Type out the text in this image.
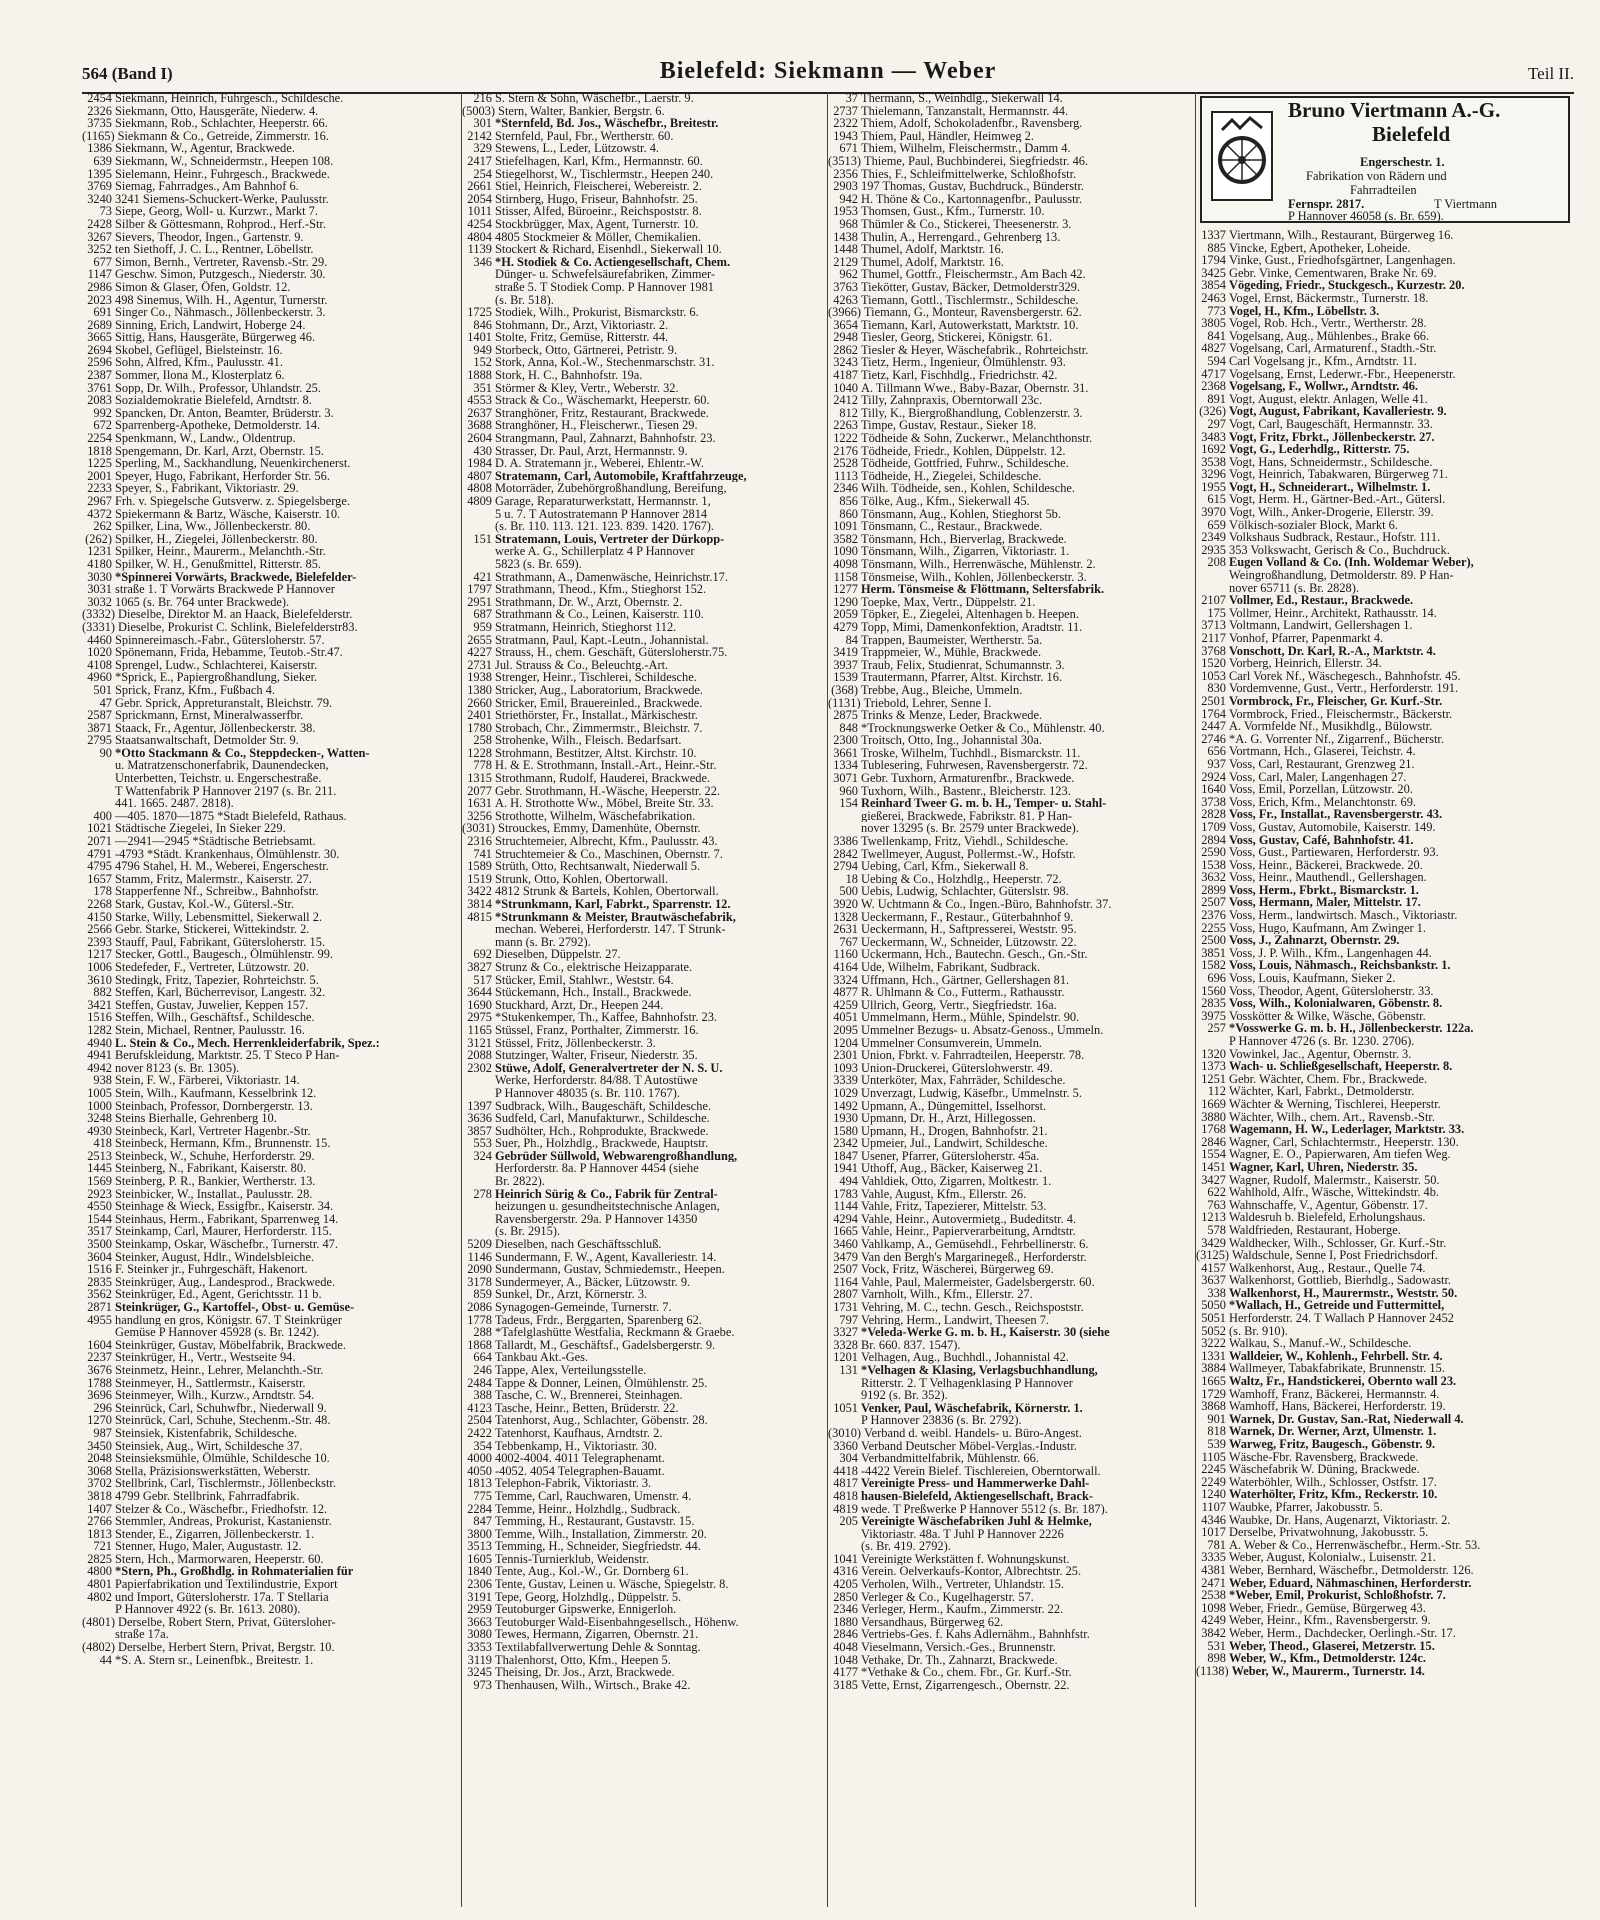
564 (Band I)	Bielefeld: Siekmann — Weber	Teil II.
2454 Siekmann, Heinrich, Fuhrgesch., Schildesche.
2326 Siekmann, Otto, Hausgeräte, Niederw. 4.
3735 Siekmann, Rob., Schlachter, Heeperstr. 66.
(1165) Siekmann & Co., Getreide, Zimmerstr. 16.
1386 Siekmann, W., Agentur, Brackwede.
639 Siekmann, W., Schneidermstr., Heepen 108.
1395 Sielemann, Heinr., Fuhrgesch., Brackwede.
3769 Siemag, Fahrradges., Am Bahnhof 6.
3240 3241 Siemens-Schuckert-Werke, Paulusstr.
73 Siepe, Georg, Woll- u. Kurzwr., Markt 7.
2428 Silber & Göttesmann, Rohprod., Herf.-Str.
3267 Sievers, Theodor, Ingen., Gartenstr. 9.
3252 ten Siethoff, J. C. L., Rentner, Löbellstr.
677 Simon, Bernh., Vertreter, Ravensb.-Str. 29.
1147 Geschw. Simon, Putzgesch., Niederstr. 30.
2986 Simon & Glaser, Öfen, Goldstr. 12.
2023 498 Sinemus, Wilh. H., Agentur, Turnerstr.
691 Singer Co., Nähmasch., Jöllenbeckerstr. 3.
2689 Sinning, Erich, Landwirt, Hoberge 24.
3665 Sittig, Hans, Hausgeräte, Bürgerweg 46.
2694 Skobel, Geflügel, Bielsteinstr. 16.
2596 Sohn, Alfred, Kfm., Paulusstr. 41.
2387 Sommer, Ilona M., Klosterplatz 6.
3761 Sopp, Dr. Wilh., Professor, Uhlandstr. 25.
2083 Sozialdemokratie Bielefeld, Arndtstr. 8.
992 Spancken, Dr. Anton, Beamter, Brüderstr. 3.
672 Sparrenberg-Apotheke, Detmolderstr. 14.
2254 Spenkmann, W., Landw., Oldentrup.
1818 Spengemann, Dr. Karl, Arzt, Obernstr. 15.
1225 Sperling, M., Sackhandlung, Neuenkirchenerst.
2001 Speyer, Hugo, Fabrikant, Herforder Str. 56.
2233 Speyer, S., Fabrikant, Viktoriastr. 29.
2967 Frh. v. Spiegelsche Gutsverw. z. Spiegelsberge.
4372 Spiekermann & Bartz, Wäsche, Kaiserstr. 10.
262 Spilker, Lina, Ww., Jöllenbeckerstr. 80.
(262) Spilker, H., Ziegelei, Jöllenbeckerstr. 80.
1231 Spilker, Heinr., Maurerm., Melanchth.-Str.
4180 Spilker, W. H., Genußmittel, Ritterstr. 85.
3030 *Spinnerei Vorwärts, Brackwede, Bielefelder-
3031 straße 1. T Vorwärts Brackwede P Hannover
3032 1065 (s. Br. 764 unter Brackwede).
(3332) Dieselbe, Direktor M. an Haack, Bielefelderstr.
(3331) Dieselbe, Prokurist C. Schlink, Bielefelderstr83.
4460 Spinnereimasch.-Fabr., Gütersloherstr. 57.
1020 Spönemann, Frida, Hebamme, Teutob.-Str.47.
4108 Sprengel, Ludw., Schlachterei, Kaiserstr.
4960 *Sprick, E., Papiergroßhandlung, Sieker.
501 Sprick, Franz, Kfm., Fußbach 4.
47 Gebr. Sprick, Appreturanstalt, Bleichstr. 79.
2587 Sprickmann, Ernst, Mineralwasserfbr.
3871 Staack, Fr., Agentur, Jöllenbeckerstr. 38.
2795 Staatsanwaltschaft, Detmolder Str. 9.
90 *Otto Stackmann & Co., Steppdecken-, Watten-
u. Matratzenschonerfabrik, Daunendecken,
Unterbetten, Teichstr. u. Engerschestraße.
T Wattenfabrik P Hannover 2197 (s. Br. 211.
441. 1665. 2487. 2818).
400 —405. 1870—1875 *Stadt Bielefeld, Rathaus.
1021 Städtische Ziegelei, In Sieker 229.
2071 —2941—2945 *Städtische Betriebsamt.
4791 -4793 *Städt. Krankenhaus, Ölmühlenstr. 30.
4795 4796 Stahel, H. M., Weberei, Engerschestr.
1657 Stamm, Fritz, Malermstr., Kaiserstr. 27.
178 Stapperfenne Nf., Schreibw., Bahnhofstr.
2268 Stark, Gustav, Kol.-W., Gütersl.-Str.
4150 Starke, Willy, Lebensmittel, Siekerwall 2.
2566 Gebr. Starke, Stickerei, Wittekindstr. 2.
2393 Stauff, Paul, Fabrikant, Gütersloherstr. 15.
1217 Stecker, Gottl., Baugesch., Ölmühlenstr. 99.
1006 Stedefeder, F., Vertreter, Lützowstr. 20.
3610 Stedingk, Fritz, Tapezier, Rohrteichstr. 5.
882 Steffen, Karl, Bücherrevisor, Langestr. 32.
3421 Steffen, Gustav, Juwelier, Keppen 157.
1516 Steffen, Wilh., Geschäftsf., Schildesche.
1282 Stein, Michael, Rentner, Paulusstr. 16.
4940 L. Stein & Co., Mech. Herrenkleiderfabrik, Spez.:
4941 Berufskleidung, Marktstr. 25. T Steco P Han-
4942 nover 8123 (s. Br. 1305).
938 Stein, F. W., Färberei, Viktoriastr. 14.
1005 Stein, Wilh., Kaufmann, Kesselbrink 12.
1000 Steinbach, Professor, Dornbergerstr. 13.
3248 Steins Bierhalle, Gehrenberg 10.
4930 Steinbeck, Karl, Vertreter Hagenbr.-Str.
418 Steinbeck, Hermann, Kfm., Brunnenstr. 15.
2513 Steinbeck, W., Schuhe, Herforderstr. 29.
1445 Steinberg, N., Fabrikant, Kaiserstr. 80.
1569 Steinberg, P. R., Bankier, Wertherstr. 13.
2923 Steinbicker, W., Installat., Paulusstr. 28.
4550 Steinhage & Wieck, Essigfbr., Kaiserstr. 34.
1544 Steinhaus, Herm., Fabrikant, Sparrenweg 14.
3517 Steinkamp, Carl, Maurer, Herforderstr. 115.
3500 Steinkamp, Oskar, Wäschefbr., Turnerstr. 47.
3604 Steinker, August, Hdlr., Windelsbleiche.
1516 F. Steinker jr., Fuhrgeschäft, Hakenort.
2835 Steinkrüger, Aug., Landesprod., Brackwede.
3562 Steinkrüger, Ed., Agent, Gerichtsstr. 11 b.
2871 Steinkrüger, G., Kartoffel-, Obst- u. Gemüse-
4955 handlung en gros, Königstr. 67. T Steinkrüger
Gemüse P Hannover 45928 (s. Br. 1242).
1604 Steinkrüger, Gustav, Möbelfabrik, Brackwede.
2237 Steinkrüger, H., Vertr., Westseite 94.
3676 Steinmetz, Heinr., Lehrer, Melanchth.-Str.
1788 Steinmeyer, H., Sattlermstr., Kaiserstr.
3696 Steinmeyer, Wilh., Kurzw., Arndtstr. 54.
296 Steinrück, Carl, Schuhwfbr., Niederwall 9.
1270 Steinrück, Carl, Schuhe, Stechenm.-Str. 48.
987 Steinsiek, Kistenfabrik, Schildesche.
3450 Steinsiek, Aug., Wirt, Schildesche 37.
2048 Steinsieksmühle, Ölmühle, Schildesche 10.
3068 Stella, Präzisionswerkstätten, Weberstr.
3702 Stellbrink, Carl, Tischlermstr., Jöllenbeckstr.
3818 4799 Gebr. Stellbrink, Fahrradfabrik.
1407 Stelzer & Co., Wäschefbr., Friedhofstr. 12.
2766 Stemmler, Andreas, Prokurist, Kastanienstr.
1813 Stender, E., Zigarren, Jöllenbeckerstr. 1.
721 Stenner, Hugo, Maler, Augustastr. 12.
2825 Stern, Hch., Marmorwaren, Heeperstr. 60.
4800 *Stern, Ph., Großhdlg. in Rohmaterialien für
4801 Papierfabrikation und Textilindustrie, Export
4802 und Import, Gütersloherstr. 17a. T Stellaria
P Hannover 4922 (s. Br. 1613. 2080).
(4801) Derselbe, Robert Stern, Privat, Gütersloher-
straße 17a.
(4802) Derselbe, Herbert Stern, Privat, Bergstr. 10.
44 *S. A. Stern sr., Leinenfbk., Breitestr. 1.
216 S. Stern & Sohn, Wäschefbr., Laerstr. 9.
(5003) Stern, Walter, Bankier, Bergstr. 6.
301 *Sternfeld, Bd. Jos., Wäschefbr., Breitestr.
2142 Sternfeld, Paul, Fbr., Wertherstr. 60.
329 Stewens, L., Leder, Lützowstr. 4.
2417 Stiefelhagen, Karl, Kfm., Hermannstr. 60.
254 Stiegelhorst, W., Tischlermstr., Heepen 240.
2661 Stiel, Heinrich, Fleischerei, Webereistr. 2.
2054 Stirnberg, Hugo, Friseur, Bahnhofstr. 25.
1011 Stisser, Alfed, Büroeinr., Reichspoststr. 8.
4254 Stockbrügger, Max, Agent, Turnerstr. 10.
4804 4805 Stockmeier & Möller, Chemikalien.
1139 Stockert & Richard, Eisenhdl., Siekerwall 10.
346 *H. Stodiek & Co. Actiengesellschaft, Chem.
Dünger- u. Schwefelsäurefabriken, Zimmer-
straße 5. T Stodiek Comp. P Hannover 1981
(s. Br. 518).
1725 Stodiek, Wilh., Prokurist, Bismarckstr. 6.
846 Stohmann, Dr., Arzt, Viktoriastr. 2.
1401 Stolte, Fritz, Gemüse, Ritterstr. 44.
949 Storbeck, Otto, Gärtnerei, Petristr. 9.
152 Stork, Anna, Kol.-W., Stechenmarschstr. 31.
1888 Stork, H. C., Bahnhofstr. 19a.
351 Störmer & Kley, Vertr., Weberstr. 32.
4553 Strack & Co., Wäschemarkt, Heeperstr. 60.
2637 Stranghöner, Fritz, Restaurant, Brackwede.
3688 Stranghöner, H., Fleischerwr., Tiesen 29.
2604 Strangmann, Paul, Zahnarzt, Bahnhofstr. 23.
430 Strasser, Dr. Paul, Arzt, Hermannstr. 9.
1984 D. A. Stratemann jr., Weberei, Ehlentr.-W.
4807 Stratemann, Carl, Automobile, Kraftfahrzeuge,
4808 Motorräder, Zubehörgroßhandlung, Bereifung,
4809 Garage, Reparaturwerkstatt, Hermannstr. 1,
5 u. 7. T Autostratemann P Hannover 2814
(s. Br. 110. 113. 121. 123. 839. 1420. 1767).
151 Stratemann, Louis, Vertreter der Dürkopp-
werke A. G., Schillerplatz 4 P Hannover
5823 (s. Br. 659).
421 Strathmann, A., Damenwäsche, Heinrichstr.17.
1797 Strathmann, Theod., Kfm., Stieghorst 152.
2951 Strathmann, Dr. W., Arzt, Obernstr. 2.
687 Strathmann & Co., Leinen, Kaiserstr. 110.
959 Stratmann, Heinrich, Stieghorst 112.
2655 Stratmann, Paul, Kapt.-Leutn., Johannistal.
4227 Strauss, H., chem. Geschäft, Gütersloherstr.75.
2731 Jul. Strauss & Co., Beleuchtg.-Art.
1938 Strenger, Heinr., Tischlerei, Schildesche.
1380 Stricker, Aug., Laboratorium, Brackwede.
2660 Stricker, Emil, Brauereinled., Brackwede.
2401 Striethörster, Fr., Installat., Märkischestr.
1780 Strobach, Chr., Zimmermstr., Bleichstr. 7.
258 Strohenke, Wilh., Fleisch. Bedarfsart.
1228 Strohmann, Bestitzer, Altst. Kirchstr. 10.
778 H. & E. Strothmann, Install.-Art., Heinr.-Str.
1315 Strothmann, Rudolf, Hauderei, Brackwede.
2077 Gebr. Strothmann, H.-Wäsche, Heeperstr. 22.
1631 A. H. Strothotte Ww., Möbel, Breite Str. 33.
3256 Strothotte, Wilhelm, Wäschefabrikation.
(3031) Strouckes, Emmy, Damenhüte, Obernstr.
2316 Struchtemeier, Albrecht, Kfm., Paulusstr. 43.
741 Struchtemeier & Co., Maschinen, Obernstr. 7.
1589 Strüth, Otto, Rechtsanwalt, Niederwall 5.
1519 Strunk, Otto, Kohlen, Obertorwall.
3422 4812 Strunk & Bartels, Kohlen, Obertorwall.
3814 *Strunkmann, Karl, Fabrkt., Sparrenstr. 12.
4815 *Strunkmann & Meister, Brautwäschefabrik,
mechan. Weberei, Herforderstr. 147. T Strunk-
mann (s. Br. 2792).
692 Dieselben, Düppelstr. 27.
3827 Strunz & Co., elektrische Heizapparate.
517 Stücker, Emil, Stahlwr., Weststr. 64.
3644 Stückemann, Hch., Install., Brackwede.
1690 Stuckhard, Arzt, Dr., Heepen 244.
2975 *Stukenkemper, Th., Kaffee, Bahnhofstr. 23.
1165 Stüssel, Franz, Porthalter, Zimmerstr. 16.
3121 Stüssel, Fritz, Jöllenbeckerstr. 3.
2088 Stutzinger, Walter, Friseur, Niederstr. 35.
2302 Stüwe, Adolf, Generalvertreter der N. S. U.
Werke, Herforderstr. 84/88. T Autostüwe
P Hannover 48035 (s. Br. 110. 1767).
1397 Sudbrack, Wilh., Baugeschäft, Schildesche.
3636 Sudfeld, Carl, Manufakturwr., Schildesche.
3857 Sudhölter, Hch., Rohprodukte, Brackwede.
553 Suer, Ph., Holzhdlg., Brackwede, Hauptstr.
324 Gebrüder Süllwold, Webwarengroßhandlung,
Herforderstr. 8a. P Hannover 4454 (siehe
Br. 2822).
278 Heinrich Sürig & Co., Fabrik für Zentral-
heizungen u. gesundheitstechnische Anlagen,
Ravensbergerstr. 29a. P Hannover 14350
(s. Br. 2915).
5209 Dieselben, nach Geschäftsschluß.
1146 Sundermann, F. W., Agent, Kavalleriestr. 14.
2090 Sundermann, Gustav, Schmiedemstr., Heepen.
3178 Sundermeyer, A., Bäcker, Lützowstr. 9.
859 Sunkel, Dr., Arzt, Körnerstr. 3.
2086 Synagogen-Gemeinde, Turnerstr. 7.
1778 Tadeus, Frdr., Berggarten, Sparenberg 62.
288 *Tafelglashütte Westfalia, Reckmann & Graebe.
1868 Tallardt, M., Geschäftsf., Gadelsbergerstr. 9.
664 Tankbau Akt.-Ges.
246 Tappe, Alex, Verteilungsstelle.
2484 Tappe & Donner, Leinen, Ölmühlenstr. 25.
388 Tasche, C. W., Brennerei, Steinhagen.
4123 Tasche, Heinr., Betten, Brüderstr. 22.
2504 Tatenhorst, Aug., Schlachter, Göbenstr. 28.
2422 Tatenhorst, Kaufhaus, Arndtstr. 2.
354 Tebbenkamp, H., Viktoriastr. 30.
4000 4002-4004. 4011 Telegraphenamt.
4050 -4052. 4054 Telegraphen-Bauamt.
1813 Telephon-Fabrik, Viktoriastr. 3.
775 Temme, Carl, Rauchwaren, Umenstr. 4.
2284 Temme, Heinr., Holzhdlg., Sudbrack.
847 Temming, H., Restaurant, Gustavstr. 15.
3800 Temme, Wilh., Installation, Zimmerstr. 20.
3513 Temming, H., Schneider, Siegfriedstr. 44.
1605 Tennis-Turnierklub, Weidenstr.
1840 Tente, Aug., Kol.-W., Gr. Dornberg 61.
2306 Tente, Gustav, Leinen u. Wäsche, Spiegelstr. 8.
3191 Tepe, Georg, Holzhdlg., Düppelstr. 5.
2959 Teutoburger Gipswerke, Ennigerloh.
3663 Teutoburger Wald-Eisenbahngesellsch., Höhenw.
3080 Tewes, Hermann, Zigarren, Obernstr. 21.
3353 Textilabfallverwertung Dehle & Sonntag.
3119 Thalenhorst, Otto, Kfm., Heepen 5.
3245 Theising, Dr. Jos., Arzt, Brackwede.
973 Thenhausen, Wilh., Wirtsch., Brake 42.
37 Thermann, S., Weinhdlg., Siekerwall 14.
2737 Thielemann, Tanzanstalt, Hermannstr. 44.
2322 Thiem, Adolf, Schokoladenfbr., Ravensberg.
1943 Thiem, Paul, Händler, Heimweg 2.
671 Thiem, Wilhelm, Fleischermstr., Damm 4.
(3513) Thieme, Paul, Buchbinderei, Siegfriedstr. 46.
2356 Thies, F., Schleifmittelwerke, Schloßhofstr.
2903 197 Thomas, Gustav, Buchdruck., Bünderstr.
942 H. Thöne & Co., Kartonnagenfbr., Paulusstr.
1953 Thomsen, Gust., Kfm., Turnerstr. 10.
968 Thümler & Co., Stickerei, Theesenerstr. 3.
1438 Thulin, A., Herrengard., Gehrenberg 13.
1448 Thumel, Adolf, Marktstr. 16.
2129 Thumel, Adolf, Marktstr. 16.
962 Thumel, Gottfr., Fleischermstr., Am Bach 42.
3763 Tiekötter, Gustav, Bäcker, Detmolderstr329.
4263 Tiemann, Gottl., Tischlermstr., Schildesche.
(3966) Tiemann, G., Monteur, Ravensbergerstr. 62.
3654 Tiemann, Karl, Autowerkstatt, Marktstr. 10.
2948 Tiesler, Georg, Stickerei, Königstr. 61.
2862 Tiesler & Heyer, Wäschefabrik., Rohrteichstr.
3243 Tietz, Herm., Ingenieur, Ölmühlenstr. 93.
4187 Tietz, Karl, Fischhdlg., Friedrichstr. 42.
1040 A. Tillmann Wwe., Baby-Bazar, Obernstr. 31.
2412 Tilly, Zahnpraxis, Oberntorwall 23c.
812 Tilly, K., Biergroßhandlung, Coblenzerstr. 3.
2263 Timpe, Gustav, Restaur., Sieker 18.
1222 Tödheide & Sohn, Zuckerwr., Melanchthonstr.
2176 Tödheide, Friedr., Kohlen, Düppelstr. 12.
2528 Tödheide, Gottfried, Fuhrw., Schildesche.
1113 Tödheide, H., Ziegelei, Schildesche.
2346 Wilh. Tödheide, sen., Kohlen, Schildesche.
856 Tölke, Aug., Kfm., Siekerwall 45.
860 Tönsmann, Aug., Kohlen, Stieghorst 5b.
1091 Tönsmann, C., Restaur., Brackwede.
3582 Tönsmann, Hch., Bierverlag, Brackwede.
1090 Tönsmann, Wilh., Zigarren, Viktoriastr. 1.
4098 Tönsmann, Wilh., Herrenwäsche, Mühlenstr. 2.
1158 Tönsmeise, Wilh., Kohlen, Jöllenbeckerstr. 3.
1277 Herm. Tönsmeise & Flöttmann, Seltersfabrik.
1290 Toepke, Max, Vertr., Düppelstr. 21.
2059 Töpker, E., Ziegelei, Altenhagen b. Heepen.
4279 Topp, Mimi, Damenkonfektion, Aradtstr. 11.
84 Trappen, Baumeister, Wertherstr. 5a.
3419 Trappmeier, W., Mühle, Brackwede.
3937 Traub, Felix, Studienrat, Schumannstr. 3.
1539 Trautermann, Pfarrer, Altst. Kirchstr. 16.
(368) Trebbe, Aug., Bleiche, Ummeln.
(1131) Triebold, Lehrer, Senne I.
2875 Trinks & Menze, Leder, Brackwede.
848 *Trocknungswerke Oetker & Co., Mühlenstr. 40.
2300 Troitsch, Otto, Ing., Johannistal 30a.
3661 Troske, Wilhelm, Tuchhdl., Bismarckstr. 11.
1334 Tublesering, Fuhrwesen, Ravensbergerstr. 72.
3071 Gebr. Tuxhorn, Armaturenfbr., Brackwede.
960 Tuxhorn, Wilh., Bastenr., Bleicherstr. 123.
154 Reinhard Tweer G. m. b. H., Temper- u. Stahl-
gießerei, Brackwede, Fabrikstr. 81. P Han-
nover 13295 (s. Br. 2579 unter Brackwede).
3386 Twellenkamp, Fritz, Viehdl., Schildesche.
2842 Twellmeyer, August, Pollermst.-W., Hofstr.
2794 Uebing, Carl, Kfm., Siekerwall 8.
18 Uebing & Co., Holzhdlg., Heeperstr. 72.
500 Uebis, Ludwig, Schlachter, Güterslstr. 98.
3920 W. Uchtmann & Co., Ingen.-Büro, Bahnhofstr. 37.
1328 Ueckermann, F., Restaur., Güterbahnhof 9.
2631 Ueckermann, H., Saftpresserei, Weststr. 95.
767 Ueckermann, W., Schneider, Lützowstr. 22.
1160 Uckermann, Hch., Bautechn. Gesch., Gn.-Str.
4164 Ude, Wilhelm, Fabrikant, Sudbrack.
3324 Uffmann, Hch., Gärtner, Gellershagen 81.
4877 R. Uhlmann & Co., Futterm., Rathausstr.
4259 Ullrich, Georg, Vertr., Siegfriedstr. 16a.
4051 Ummelmann, Herm., Mühle, Spindelstr. 90.
2095 Ummelner Bezugs- u. Absatz-Genoss., Ummeln.
1204 Ummelner Consumverein, Ummeln.
2301 Union, Fbrkt. v. Fahrradteilen, Heeperstr. 78.
1093 Union-Druckerei, Güterslohwerstr. 49.
3339 Unterköter, Max, Fahrräder, Schildesche.
1029 Unverzagt, Ludwig, Käsefbr., Ummelnstr. 5.
1492 Upmann, A., Düngemittel, Isselhorst.
1930 Upmann, Dr. H., Arzt, Hillegossen.
1580 Upmann, H., Drogen, Bahnhofstr. 21.
2342 Upmeier, Jul., Landwirt, Schildesche.
1847 Usener, Pfarrer, Gütersloherstr. 45a.
1941 Uthoff, Aug., Bäcker, Kaiserweg 21.
494 Vahldiek, Otto, Zigarren, Moltkestr. 1.
1783 Vahle, August, Kfm., Ellerstr. 26.
1144 Vahle, Fritz, Tapezierer, Mittelstr. 53.
4294 Vahle, Heinr., Autovermietg., Budeditstr. 4.
1665 Vahle, Heinr., Papierverarbeitung, Arndtstr.
3460 Vahlkamp, A., Gemüsehdl., Fehrbellinerstr. 6.
3479 Van den Bergh's Margarinegeß., Herforderstr.
2507 Vock, Fritz, Wäscherei, Bürgerweg 69.
1164 Vahle, Paul, Malermeister, Gadelsbergerstr. 60.
2807 Varnholt, Wilh., Kfm., Ellerstr. 27.
1731 Vehring, M. C., techn. Gesch., Reichspoststr.
797 Vehring, Herm., Landwirt, Theesen 7.
3327 *Veleda-Werke G. m. b. H., Kaiserstr. 30 (siehe
3328 Br. 660. 837. 1547).
1201 Velhagen, Aug., Buchhdl., Johannistal 42.
131 *Velhagen & Klasing, Verlagsbuchhandlung,
Ritterstr. 2. T Velhagenklasing P Hannover
9192 (s. Br. 352).
1051 Venker, Paul, Wäschefabrik, Körnerstr. 1.
P Hannover 23836 (s. Br. 2792).
(3010) Verband d. weibl. Handels- u. Büro-Angest.
3360 Verband Deutscher Möbel-Verglas.-Industr.
304 Verbandmittelfabrik, Mühlenstr. 66.
4418 -4422 Verein Bielef. Tischlereien, Oberntorwall.
4817 Vereinigte Press- und Hammerwerke Dahl-
4818 hausen-Bielefeld, Aktiengesellschaft, Brack-
4819 wede. T Preßwerke P Hannover 5512 (s. Br. 187).
205 Vereinigte Wäschefabriken Juhl & Helmke,
Viktoriastr. 48a. T Juhl P Hannover 2226
(s. Br. 419. 2792).
1041 Vereinigte Werkstätten f. Wohnungskunst.
4316 Verein. Oelverkaufs-Kontor, Albrechtstr. 25.
4205 Verholen, Wilh., Vertreter, Uhlandstr. 15.
2850 Verleger & Co., Kugelhagerstr. 57.
2346 Verleger, Herm., Kaufm., Zimmerstr. 22.
1880 Versandhaus, Bürgerweg 62.
2846 Vertriebs-Ges. f. Kahs Adlernähm., Bahnhfstr.
4048 Vieselmann, Versich.-Ges., Brunnenstr.
1048 Vethake, Dr. Th., Zahnarzt, Brackwede.
4177 *Vethake & Co., chem. Fbr., Gr. Kurf.-Str.
3185 Vette, Ernst, Zigarrengesch., Obernstr. 22.
Bruno Viertmann A.-G.
Bielefeld
Engerschestr. 1.
Fabrikation von Rädern und
Fahrradteilen
Fernspr. 2817.	T Viertmann
P Hannover 46058 (s. Br. 659).
1337 Viertmann, Wilh., Restaurant, Bürgerweg 16.
885 Vincke, Egbert, Apotheker, Loheide.
1794 Vinke, Gust., Friedhofsgärtner, Langenhagen.
3425 Gebr. Vinke, Cementwaren, Brake Nr. 69.
3854 Vögeding, Friedr., Stuckgesch., Kurzestr. 20.
2463 Vogel, Ernst, Bäckermstr., Turnerstr. 18.
773 Vogel, H., Kfm., Löbellstr. 3.
3805 Vogel, Rob. Hch., Vertr., Wertherstr. 28.
841 Vogelsang, Aug., Mühlenbes., Brake 66.
4827 Vogelsang, Carl, Armaturenf., Stadth.-Str.
594 Carl Vogelsang jr., Kfm., Arndtstr. 11.
4717 Vogelsang, Ernst, Lederwr.-Fbr., Heepenerstr.
2368 Vogelsang, F., Wollwr., Arndtstr. 46.
891 Vogt, August, elektr. Anlagen, Welle 41.
(326) Vogt, August, Fabrikant, Kavalleriestr. 9.
297 Vogt, Carl, Baugeschäft, Hermannstr. 33.
3483 Vogt, Fritz, Fbrkt., Jöllenbeckerstr. 27.
1692 Vogt, G., Lederhdlg., Ritterstr. 75.
3538 Vogt, Hans, Schneidermstr., Schildesche.
3296 Vogt, Heinrich, Tabakwaren, Bürgerweg 71.
1955 Vogt, H., Schneiderart., Wilhelmstr. 1.
615 Vogt, Herm. H., Gärtner-Bed.-Art., Gütersl.
3970 Vogt, Wilh., Anker-Drogerie, Ellerstr. 39.
659 Völkisch-sozialer Block, Markt 6.
2349 Volkshaus Sudbrack, Restaur., Hofstr. 111.
2935 353 Volkswacht, Gerisch & Co., Buchdruck.
208 Eugen Volland & Co. (Inh. Woldemar Weber),
Weingroßhandlung, Detmolderstr. 89. P Han-
nover 65711 (s. Br. 2828).
2107 Vollmer, Ed., Restaur., Brackwede.
175 Vollmer, Heinr., Architekt, Rathausstr. 14.
3713 Voltmann, Landwirt, Gellershagen 1.
2117 Vonhof, Pfarrer, Papenmarkt 4.
3768 Vonschott, Dr. Karl, R.-A., Marktstr. 4.
1520 Vorberg, Heinrich, Ellerstr. 34.
1053 Carl Vorek Nf., Wäschegesch., Bahnhofstr. 45.
830 Vordemvenne, Gust., Vertr., Herforderstr. 191.
2501 Vormbrock, Fr., Fleischer, Gr. Kurf.-Str.
1764 Vormbrock, Fried., Fleischermstr., Bäckerstr.
2447 A. Vormfelde Nf., Musikhdlg., Bülowstr.
2746 *A. G. Vorrenter Nf., Zigarrenf., Bücherstr.
656 Vortmann, Hch., Glaserei, Teichstr. 4.
937 Voss, Carl, Restaurant, Grenzweg 21.
2924 Voss, Carl, Maler, Langenhagen 27.
1640 Voss, Emil, Porzellan, Lützowstr. 20.
3738 Voss, Erich, Kfm., Melanchtonstr. 69.
2828 Voss, Fr., Installat., Ravensbergerstr. 43.
1709 Voss, Gustav, Automobile, Kaiserstr. 149.
2894 Voss, Gustav, Café, Bahnhofstr. 41.
2590 Voss, Gust., Partiewaren, Herforderstr. 93.
1538 Voss, Heinr., Bäckerei, Brackwede. 20.
3632 Voss, Heinr., Mauthendl., Gellershagen.
2899 Voss, Herm., Fbrkt., Bismarckstr. 1.
2507 Voss, Hermann, Maler, Mittelstr. 17.
2376 Voss, Herm., landwirtsch. Masch., Viktoriastr.
2255 Voss, Hugo, Kaufmann, Am Zwinger 1.
2500 Voss, J., Zahnarzt, Obernstr. 29.
3851 Voss, J. P. Wilh., Kfm., Langenhagen 44.
1582 Voss, Louis, Nähmasch., Reichsbankstr. 1.
696 Voss, Louis, Kaufmann, Sieker 2.
1560 Voss, Theodor, Agent, Gütersloherstr. 33.
2835 Voss, Wilh., Kolonialwaren, Göbenstr. 8.
3975 Vosskötter & Wilke, Wäsche, Göbenstr.
257 *Vosswerke G. m. b. H., Jöllenbeckerstr. 122a.
P Hannover 4726 (s. Br. 1230. 2706).
1320 Vowinkel, Jac., Agentur, Obernstr. 3.
1373 Wach- u. Schließgesellschaft, Heeperstr. 8.
1251 Gebr. Wächter, Chem. Fbr., Brackwede.
112 Wächter, Karl, Fabrkt., Detmolderstr.
1669 Wächter & Werning, Tischlerei, Heeperstr.
3880 Wächter, Wilh., chem. Art., Ravensb.-Str.
1768 Wagemann, H. W., Lederlager, Marktstr. 33.
2846 Wagner, Carl, Schlachtermstr., Heeperstr. 130.
1554 Wagner, E. O., Papierwaren, Am tiefen Weg.
1451 Wagner, Karl, Uhren, Niederstr. 35.
3427 Wagner, Rudolf, Malermstr., Kaiserstr. 50.
622 Wahlhold, Alfr., Wäsche, Wittekindstr. 4b.
763 Wahnschaffe, V., Agentur, Göbenstr. 17.
1213 Waldesruh b. Bielefeld, Erholungshaus.
578 Waldfrieden, Restaurant, Hoberge.
3429 Waldhecker, Wilh., Schlosser, Gr. Kurf.-Str.
(3125) Waldschule, Senne I, Post Friedrichsdorf.
4157 Walkenhorst, Aug., Restaur., Quelle 74.
3637 Walkenhorst, Gottlieb, Bierhdlg., Sadowastr.
338 Walkenhorst, H., Maurermstr., Weststr. 50.
5050 *Wallach, H., Getreide und Futtermittel,
5051 Herforderstr. 24. T Wallach P Hannover 2452
5052 (s. Br. 910).
3222 Walkau, S., Manuf.-W., Schildesche.
1331 Walldeier, W., Kohlenh., Fehrbell. Str. 4.
3884 Wallmeyer, Tabakfabrikate, Brunnenstr. 15.
1665 Waltz, Fr., Handstickerei, Obernto wall 23.
1729 Wamhoff, Franz, Bäckerei, Hermannstr. 4.
3868 Wamhoff, Hans, Bäckerei, Herforderstr. 19.
901 Warnek, Dr. Gustav, San.-Rat, Niederwall 4.
818 Warnek, Dr. Werner, Arzt, Ulmenstr. 1.
539 Warweg, Fritz, Baugesch., Göbenstr. 9.
1105 Wäsche-Fbr. Ravensberg, Brackwede.
2245 Wäschefabrik W. Düning, Brackwede.
2249 Waterböhler, Wilh., Schlosser, Ostfstr. 17.
1240 Waterhölter, Fritz, Kfm., Reckerstr. 10.
1107 Waubke, Pfarrer, Jakobusstr. 5.
4346 Waubke, Dr. Hans, Augenarzt, Viktoriastr. 2.
1017 Derselbe, Privatwohnung, Jakobusstr. 5.
781 A. Weber & Co., Herrenwäschefbr., Herm.-Str. 53.
3335 Weber, August, Kolonialw., Luisenstr. 21.
4381 Weber, Bernhard, Wäschefbr., Detmolderstr. 126.
2471 Weber, Eduard, Nähmaschinen, Herforderstr.
2538 *Weber, Emil, Prokurist, Schloßhofstr. 7.
1098 Weber, Friedr., Gemüse, Bürgerweg 43.
4249 Weber, Heinr., Kfm., Ravensbergerstr. 9.
3842 Weber, Herm., Dachdecker, Oerlingh.-Str. 17.
531 Weber, Theod., Glaserei, Metzerstr. 15.
898 Weber, W., Kfm., Detmolderstr. 124c.
(1138) Weber, W., Maurerm., Turnerstr. 14.
